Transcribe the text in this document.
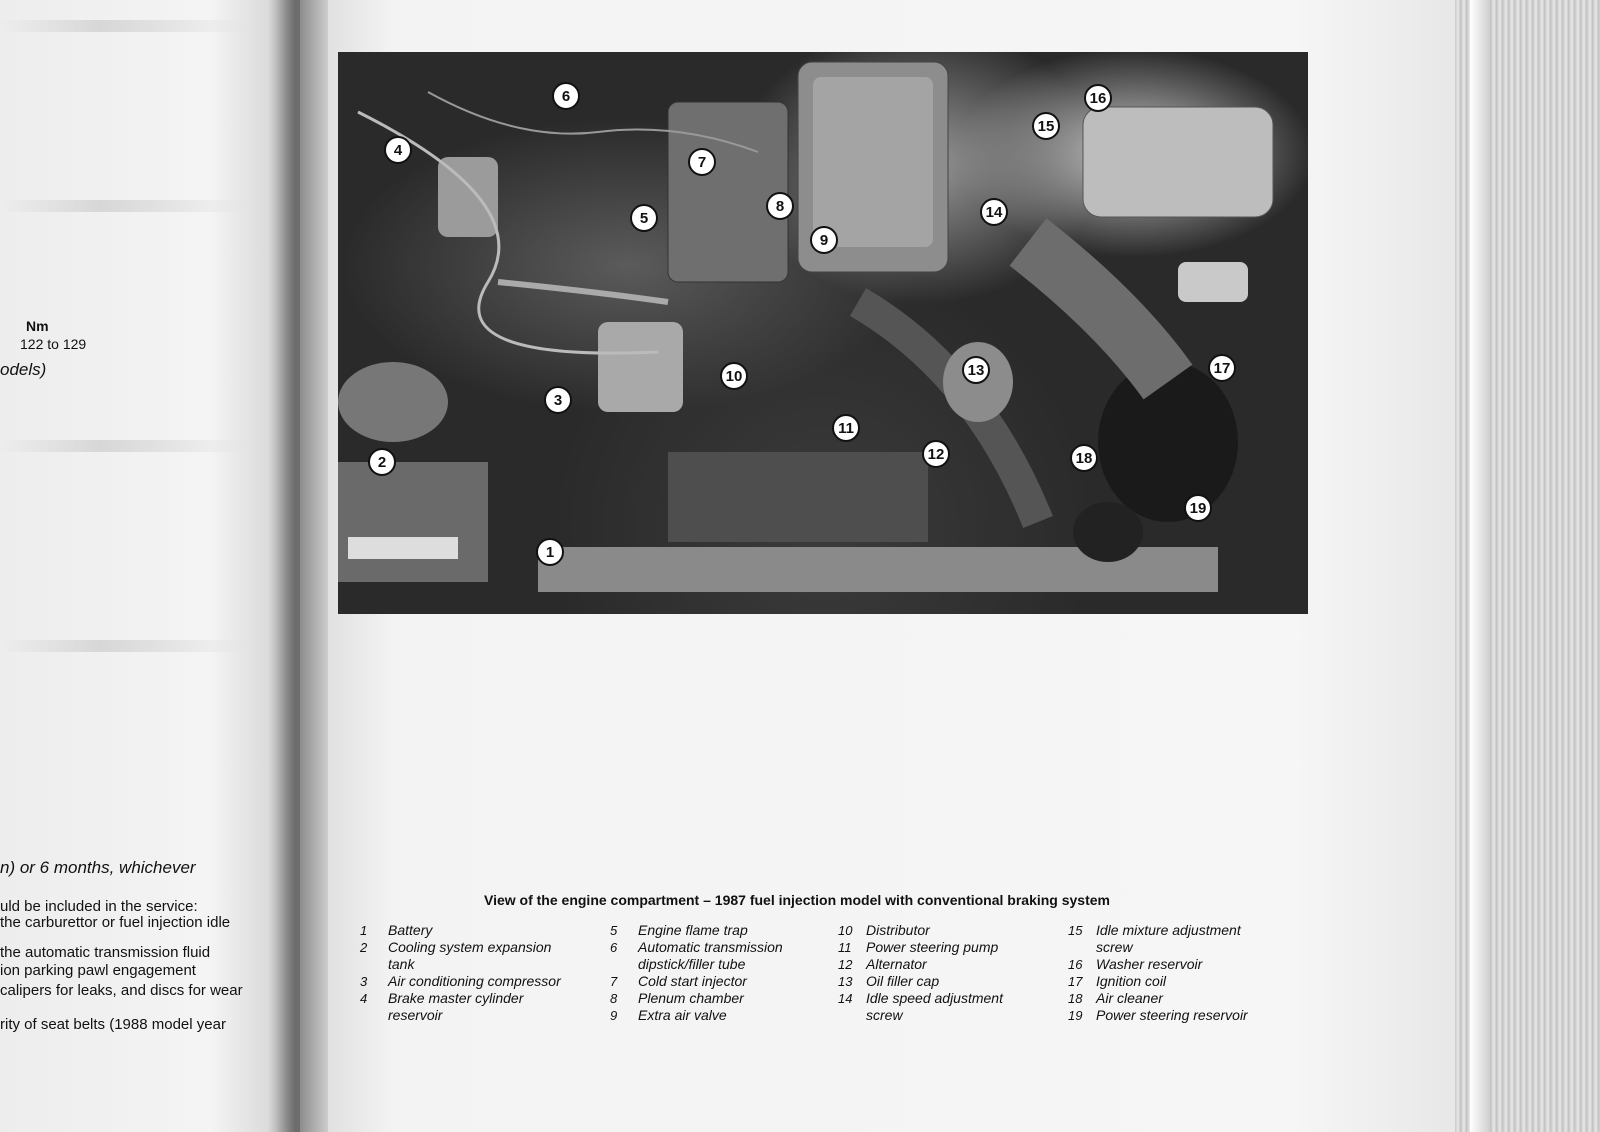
Nm
122 to 129
odels)
n) or 6 months, whichever
uld be included in the service:
the carburettor or fuel injection idle
the automatic transmission fluid
ion parking pawl engagement
calipers for leaks, and discs for wear
rity of seat belts (1988 model year
1
2
3
4
5
6
7
8
9
10
11
12
13
14
15
16
17
18
19
View of the engine compartment – 1987 fuel injection model with conventional braking system
1	Battery
2	Cooling system expansion tank
3	Air conditioning compressor
4	Brake master cylinder reservoir
5	Engine flame trap
6	Automatic transmission dipstick/filler tube
7	Cold start injector
8	Plenum chamber
9	Extra air valve
10 Distributor
11	Power steering pump
12 Alternator
13 Oil filler cap
14 Idle speed adjustment screw
15 Idle mixture adjustment screw
16 Washer reservoir
17 Ignition coil
18 Air cleaner
19 Power steering reservoir
